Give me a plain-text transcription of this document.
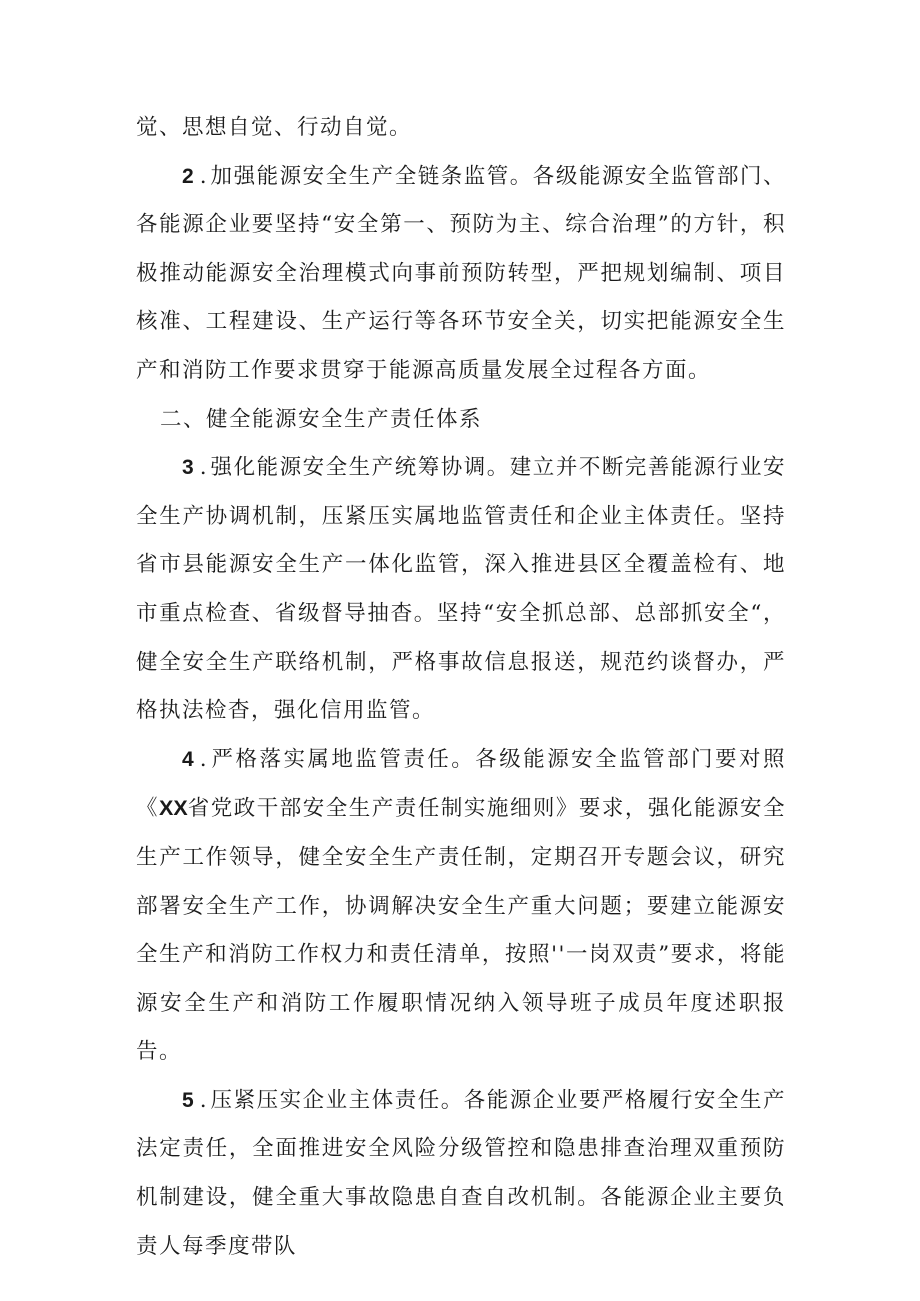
觉、思想自觉、行动自觉。

2 . 加强能源安全生产全链条监管。各级能源安全监管部门、各能源企业要坚持“安全第一、预防为主、综合治理”的方针，积极推动能源安全治理模式向事前预防转型，严把规划编制、项目核准、工程建设、生产运行等各环节安全关，切实把能源安全生产和消防工作要求贯穿于能源高质量发展全过程各方面。

二、健全能源安全生产责任体系

3 . 强化能源安全生产统筹协调。建立并不断完善能源行业安全生产协调机制，压紧压实属地监管责任和企业主体责任。坚持省市县能源安全生产一体化监管，深入推进县区全覆盖检有、地市重点检查、省级督导抽杳。坚持“安全抓总部、总部抓安全“，健全安全生产联络机制，严格事故信息报送，规范约谈督办，严格执法检杳，强化信用监管。

4 . 严格落实属地监管责任。各级能源安全监管部门要对照《XX省党政干部安全生产责任制实施细则》要求，强化能源安全生产工作领导，健全安全生产责任制，定期召开专题会议，研究部署安全生产工作，协调解决安全生产重大问题；要建立能源安全生产和消防工作权力和责任清单，按照''一岗双责”要求，将能源安全生产和消防工作履职情况纳入领导班子成员年度述职报告。

5 . 压紧压实企业主体责任。各能源企业要严格履行安全生产法定责任，全面推进安全风险分级管控和隐患排查治理双重预防机制建设，健全重大事故隐患自查自改机制。各能源企业主要负责人每季度带队
